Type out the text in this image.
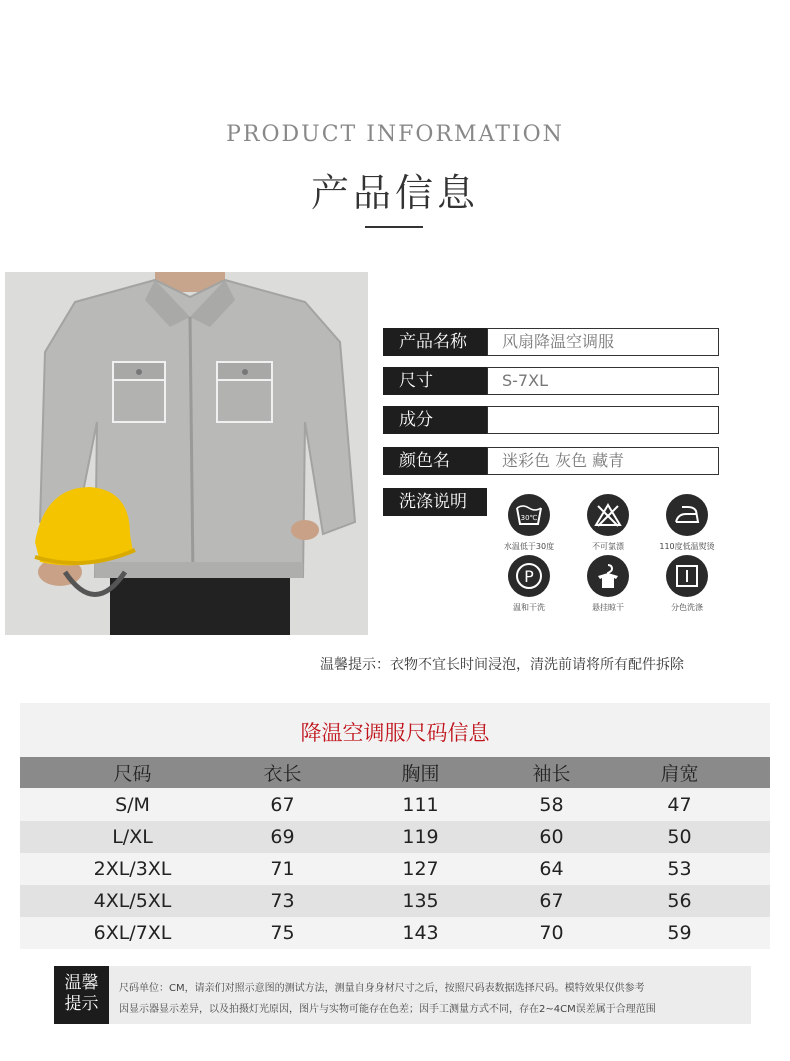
PRODUCT INFORMATION
产品信息
产品名称	风扇降温空调服
尺寸	S-7XL
成分
颜色名	迷彩色 灰色 藏青
洗涤说明
30℃
水温低于30度	不可氯漂	110度低温熨烫
P
温和干洗	悬挂晾干	分色洗涤
温馨提示：衣物不宜长时间浸泡，清洗前请将所有配件拆除
降温空调服尺码信息
尺码	衣长	胸围	袖长	肩宽
S/M	67	111	58	47
L/XL	69	119	60	50
2XL/3XL	71	127	64	53
4XL/5XL	73	135	67	56
6XL/7XL	75	143	70	59
温馨
提示
尺码单位：CM，请亲们对照示意图的测试方法，测量自身身材尺寸之后，按照尺码表数据选择尺码。模特效果仅供参考
因显示器显示差异，以及拍摄灯光原因，图片与实物可能存在色差；因手工测量方式不同，存在2~4CM误差属于合理范围
